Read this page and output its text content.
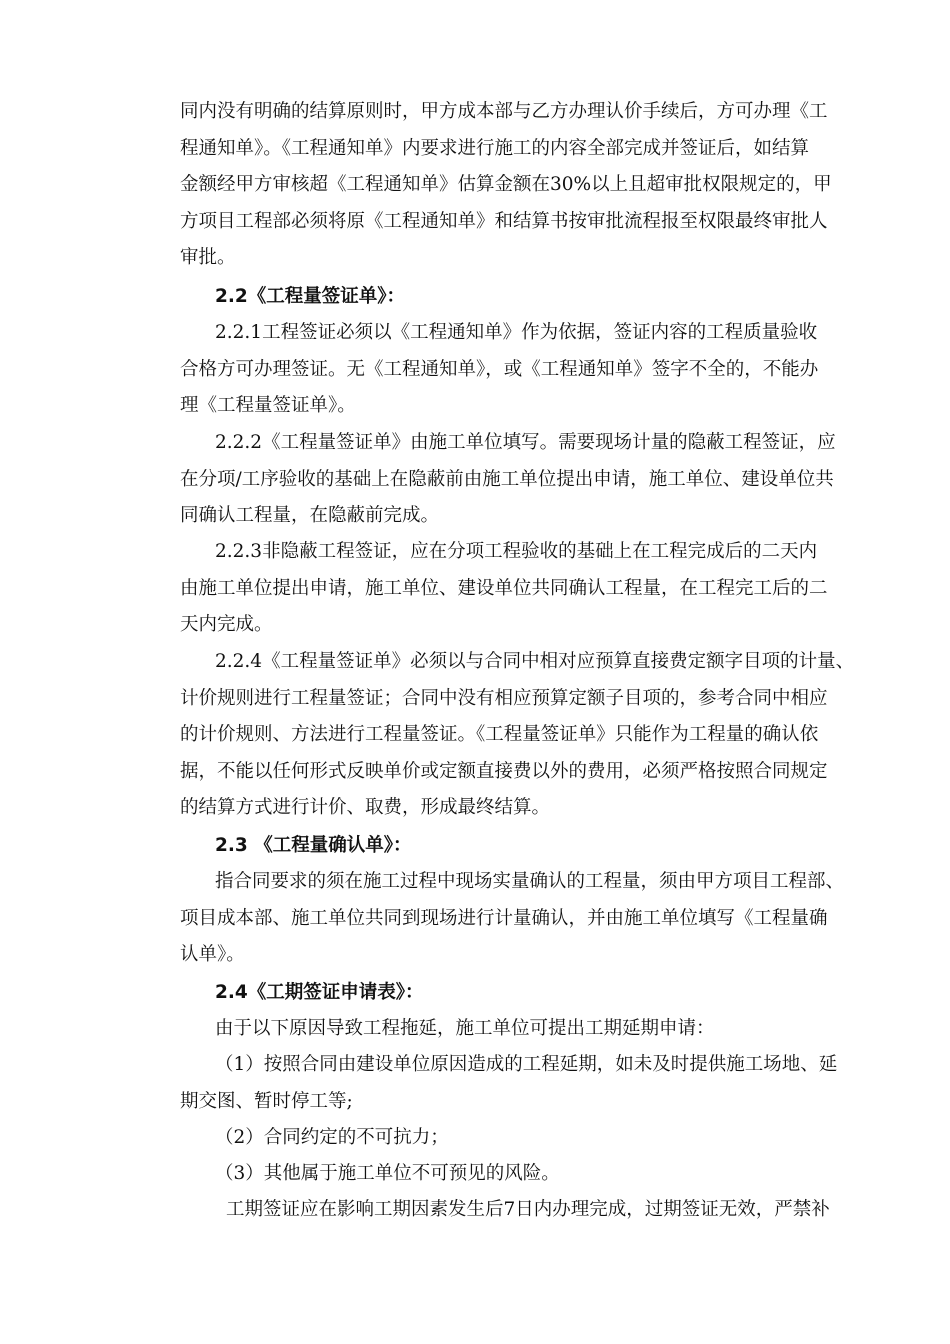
同内没有明确的结算原则时，甲方成本部与乙方办理认价手续后，方可办理《工
程通知单》。《工程通知单》内要求进行施工的内容全部完成并签证后，如结算
金额经甲方审核超《工程通知单》估算金额在30%以上且超审批权限规定的，甲
方项目工程部必须将原《工程通知单》和结算书按审批流程报至权限最终审批人
审批。
2.2《工程量签证单》：
2.2.1工程签证必须以《工程通知单》作为依据，签证内容的工程质量验收
合格方可办理签证。无《工程通知单》，或《工程通知单》签字不全的，不能办
理《工程量签证单》。
2.2.2《工程量签证单》由施工单位填写。需要现场计量的隐蔽工程签证，应
在分项/工序验收的基础上在隐蔽前由施工单位提出申请，施工单位、建设单位共
同确认工程量，在隐蔽前完成。
2.2.3非隐蔽工程签证，应在分项工程验收的基础上在工程完成后的二天内
由施工单位提出申请，施工单位、建设单位共同确认工程量，在工程完工后的二
天内完成。
2.2.4《工程量签证单》必须以与合同中相对应预算直接费定额字目项的计量、
计价规则进行工程量签证；合同中没有相应预算定额子目项的，参考合同中相应
的计价规则、方法进行工程量签证。《工程量签证单》只能作为工程量的确认依
据，不能以任何形式反映单价或定额直接费以外的费用，必须严格按照合同规定
的结算方式进行计价、取费，形成最终结算。
2.3 《工程量确认单》：
指合同要求的须在施工过程中现场实量确认的工程量，须由甲方项目工程部、
项目成本部、施工单位共同到现场进行计量确认，并由施工单位填写《工程量确
认单》。
2.4《工期签证申请表》：
由于以下原因导致工程拖延，施工单位可提出工期延期申请：
（1）按照合同由建设单位原因造成的工程延期，如未及时提供施工场地、延
期交图、暂时停工等;
（2）合同约定的不可抗力；
（3）其他属于施工单位不可预见的风险。
工期签证应在影响工期因素发生后7日内办理完成，过期签证无效，严禁补
